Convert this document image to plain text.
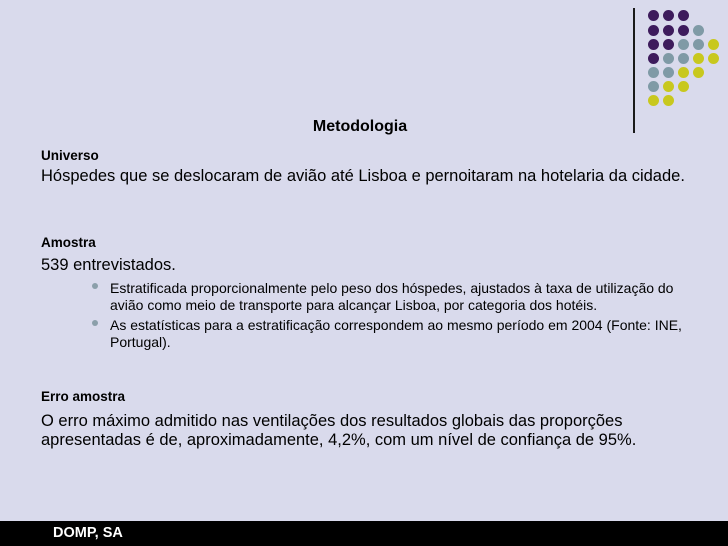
Metodologia
Universo
Hóspedes que se deslocaram de avião até Lisboa e pernoitaram na hotelaria da cidade.
Amostra
539 entrevistados.
Estratificada proporcionalmente pelo peso dos hóspedes, ajustados à taxa de utilização do avião como meio de transporte para alcançar Lisboa, por categoria dos hotéis.
As estatísticas para a estratificação correspondem ao mesmo período em 2004 (Fonte: INE, Portugal).
Erro amostra
O erro máximo admitido nas ventilações dos resultados globais das proporções apresentadas é de, aproximadamente, 4,2%, com um nível de confiança de 95%.
DOMP, SA
